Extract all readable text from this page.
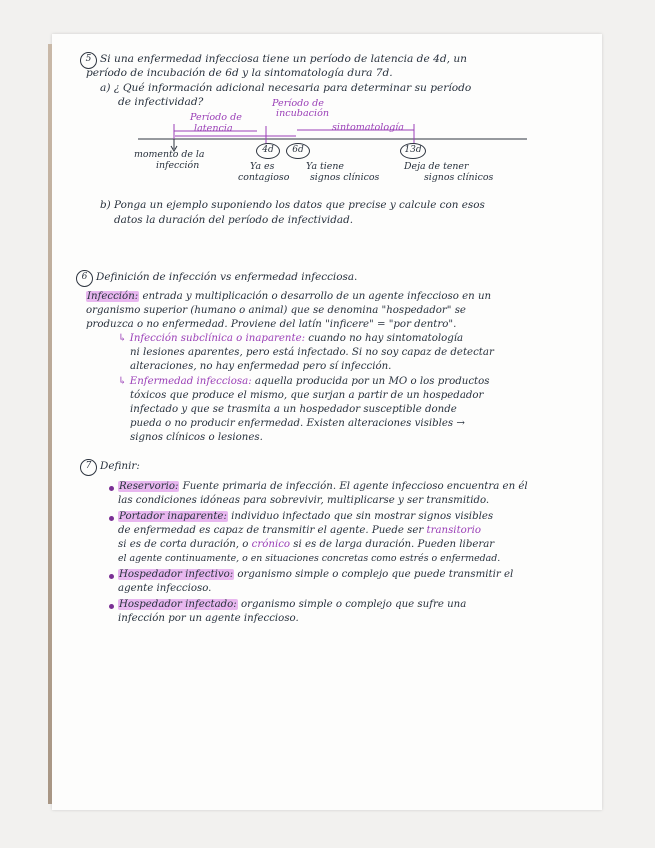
5 Si una enfermedad infecciosa tiene un período de latencia de 4d, un
período de incubación de 6d y la sintomatología dura 7d.
a) ¿ Qué información adicional necesaria para determinar su período
de infectividad?
Período de
latencia
Período de
incubación
sintomatología
4d	6d	13d
momento de la
infección	Ya es
contagioso
Ya tiene
signos clínicos
Deja de tener
signos clínicos
b) Ponga un ejemplo suponiendo los datos que precise y calcule con esos
datos la duración del período de infectividad.
6 Definición de infección vs enfermedad infecciosa.
Infección: entrada y multiplicación o desarrollo de un agente infeccioso en un
organismo superior (humano o animal) que se denomina "hospedador" se
produzca o no enfermedad. Proviene del latín "inficere" = "por dentro".
↳ Infección subclínica o inaparente: cuando no hay sintomatología
ni lesiones aparentes, pero está infectado. Si no soy capaz de detectar
alteraciones, no hay enfermedad pero sí infección.
↳ Enfermedad infecciosa: aquella producida por un MO o los productos
tóxicos que produce el mismo, que surjan a partir de un hospedador
infectado y que se trasmita a un hospedador susceptible donde
pueda o no producir enfermedad. Existen alteraciones visibles →
signos clínicos o lesiones.
7 Definir:
Reservorio: Fuente primaria de infección. El agente infeccioso encuentra en él
las condiciones idóneas para sobrevivir, multiplicarse y ser transmitido.
Portador inaparente: individuo infectado que sin mostrar signos visibles
de enfermedad es capaz de transmitir el agente. Puede ser transitorio
si es de corta duración, o crónico si es de larga duración. Pueden liberar
el agente continuamente, o en situaciones concretas como estrés o enfermedad.
Hospedador infectivo: organismo simple o complejo que puede transmitir el
agente infeccioso.
Hospedador infectado: organismo simple o complejo que sufre una
infección por un agente infeccioso.
